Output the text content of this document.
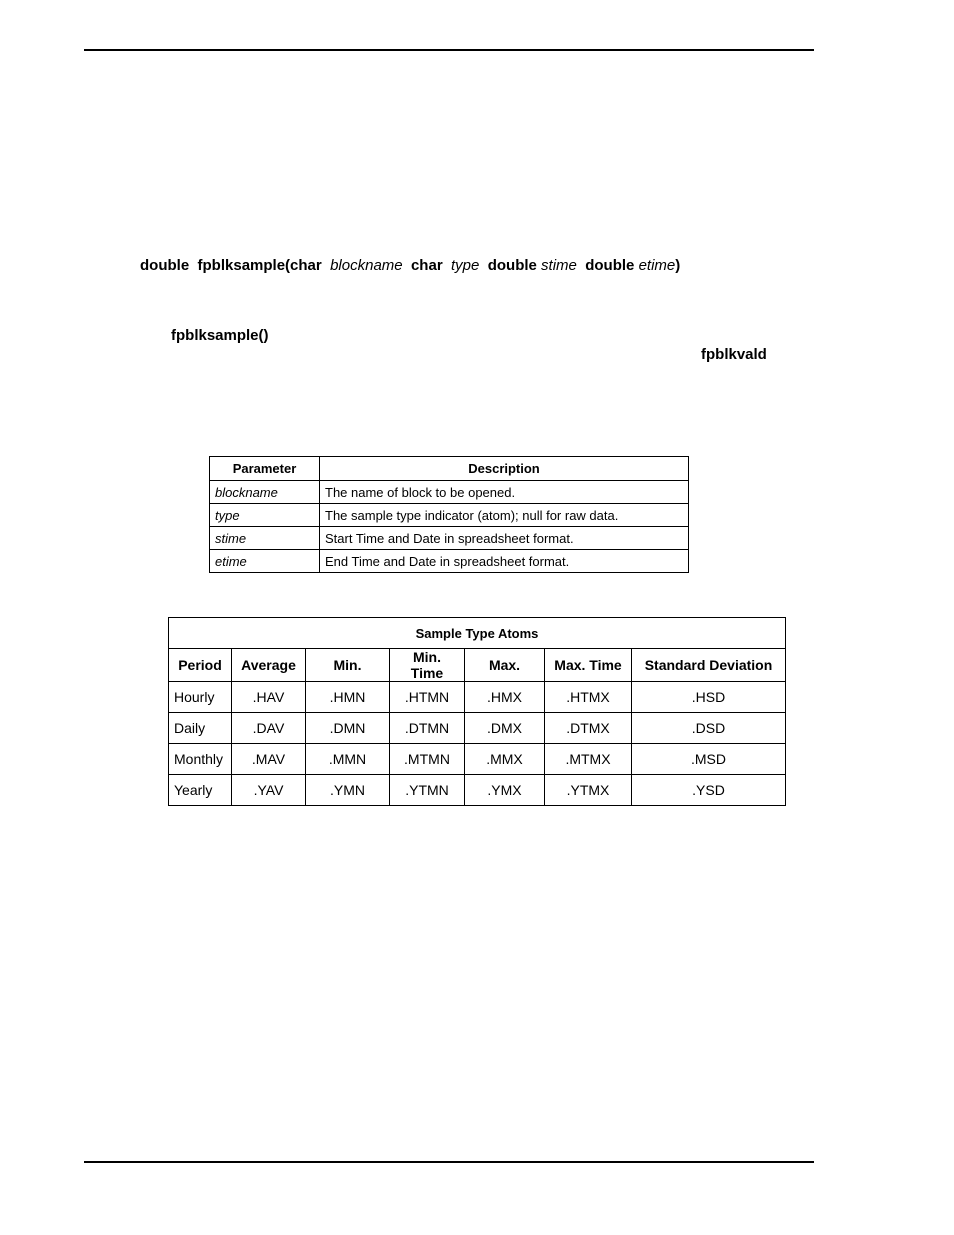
double fpblksample(char blockname char type double stime double etime)
fpblksample()
fpblkvald
Parameter	Description
blockname	The name of block to be opened.
type	The sample type indicator (atom); null for raw data.
stime	Start Time and Date in spreadsheet format.
etime	End Time and Date in spreadsheet format.
Sample Type Atoms						
Period	Average	Min.	Min. Time	Max.	Max. Time	Standard Deviation
Hourly	.HAV	.HMN	.HTMN	.HMX	.HTMX	.HSD
Daily	.DAV	.DMN	.DTMN	.DMX	.DTMX	.DSD
Monthly	.MAV	.MMN	.MTMN	.MMX	.MTMX	.MSD
Yearly	.YAV	.YMN	.YTMN	.YMX	.YTMX	.YSD
